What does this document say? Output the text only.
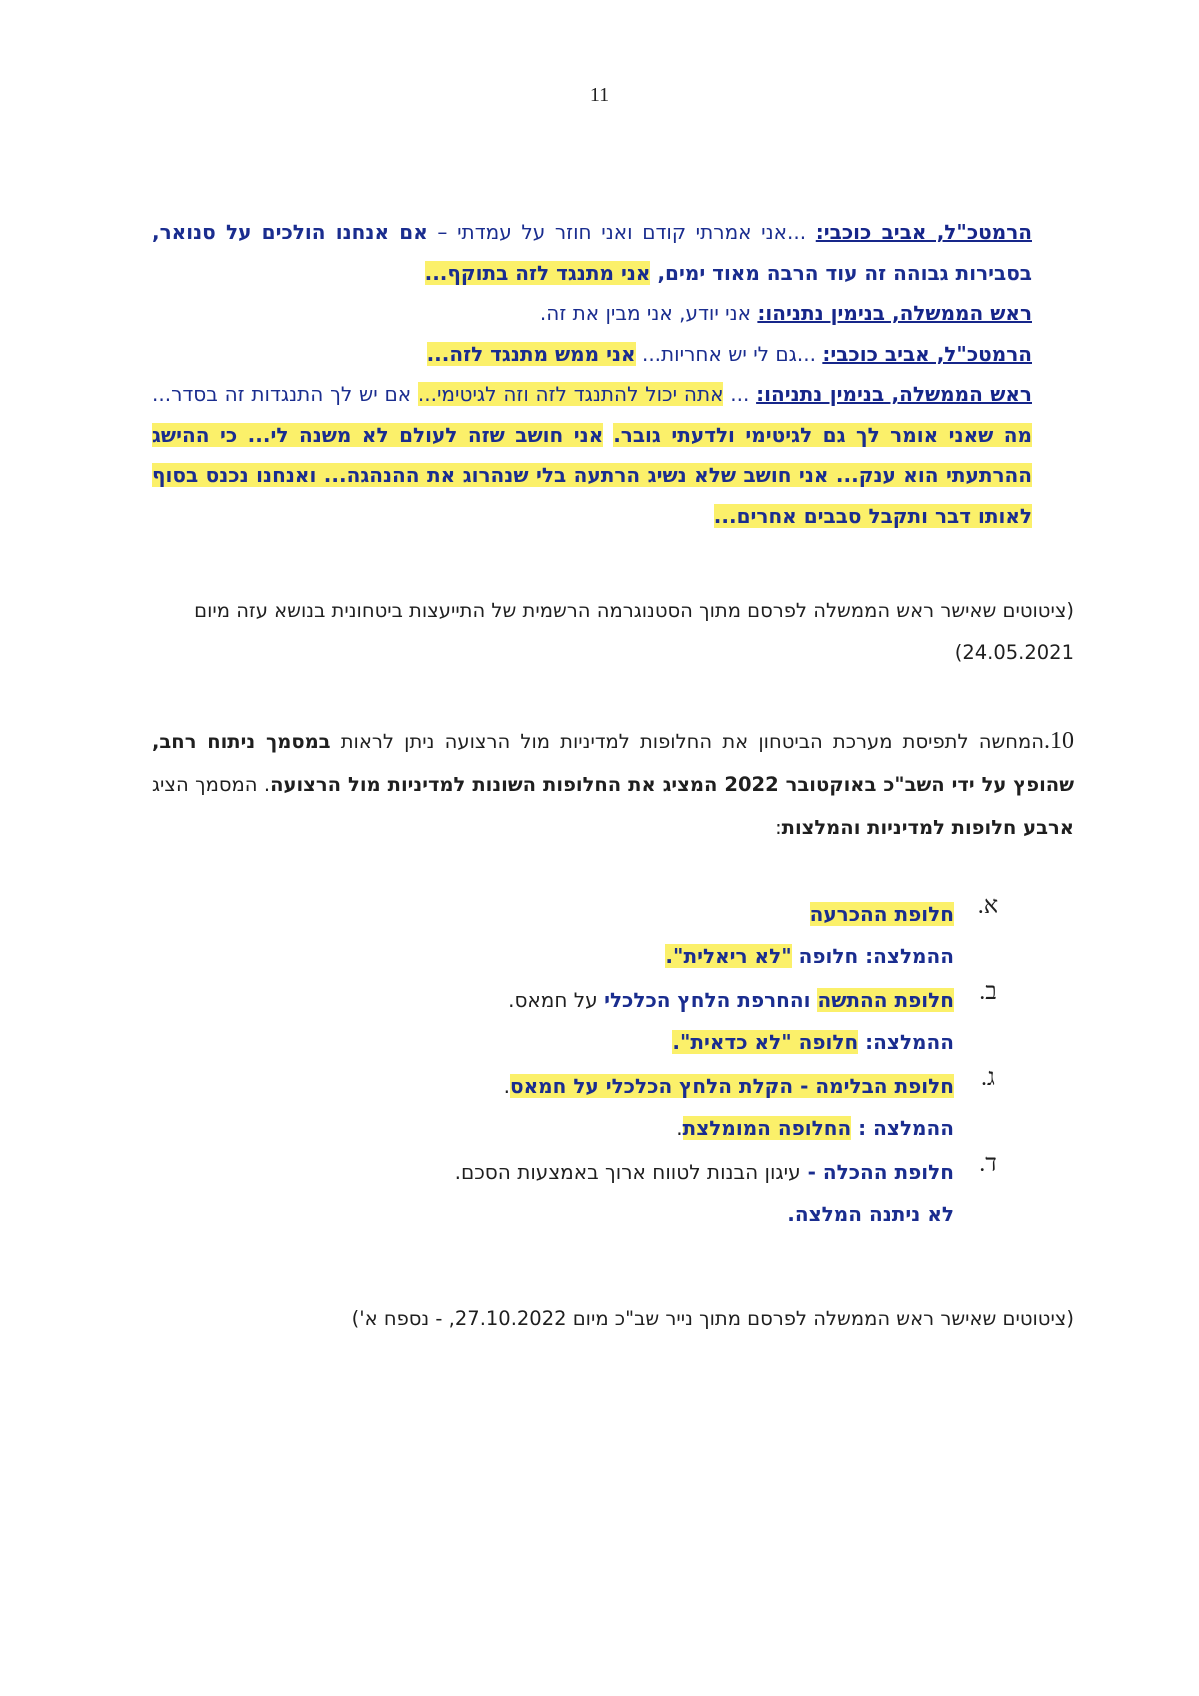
11

הרמטכ"ל, אביב כוכבי: ...אני אמרתי קודם ואני חוזר על עמדתי – אם אנחנו הולכים על סנואר, בסבירות גבוהה זה עוד הרבה מאוד ימים, אני מתנגד לזה בתוקף...

ראש הממשלה, בנימין נתניהו: אני יודע, אני מבין את זה.

הרמטכ"ל, אביב כוכבי: ...גם לי יש אחריות... אני ממש מתנגד לזה...

ראש הממשלה, בנימין נתניהו: ... אתה יכול להתנגד לזה וזה לגיטימי... אם יש לך התנגדות זה בסדר... מה שאני אומר לך גם לגיטימי ולדעתי גובר. אני חושב שזה לעולם לא משנה לי... כי ההישג ההרתעתי הוא ענק... אני חושב שלא נשיג הרתעה בלי שנהרוג את ההנהגה... ואנחנו נכנס בסוף לאותו דבר ותקבל סבבים אחרים...

(ציטוטים שאישר ראש הממשלה לפרסם מתוך הסטנוגרמה הרשמית של התייעצות ביטחונית בנושא עזה מיום 24.05.2021)
10.המחשה לתפיסת מערכת הביטחון את החלופות למדיניות מול הרצועה ניתן לראות במסמך ניתוח רחב, שהופץ על ידי השב"כ באוקטובר 2022 המציג את החלופות השונות למדיניות מול הרצועה. המסמך הציג ארבע חלופות למדיניות והמלצות:
א.
חלופת ההכרעה
ההמלצה: חלופה "לא ריאלית".
ב.
חלופת ההתשה והחרפת הלחץ הכלכלי על חמאס.
ההמלצה: חלופה "לא כדאית".
ג.
חלופת הבלימה - הקלת הלחץ הכלכלי על חמאס.
ההמלצה : החלופה המומלצת.
ד.
חלופת ההכלה - עיגון הבנות לטווח ארוך באמצעות הסכם.
לא ניתנה המלצה.
(ציטוטים שאישר ראש הממשלה לפרסם מתוך נייר שב"כ מיום 27.10.2022, - נספח א')
